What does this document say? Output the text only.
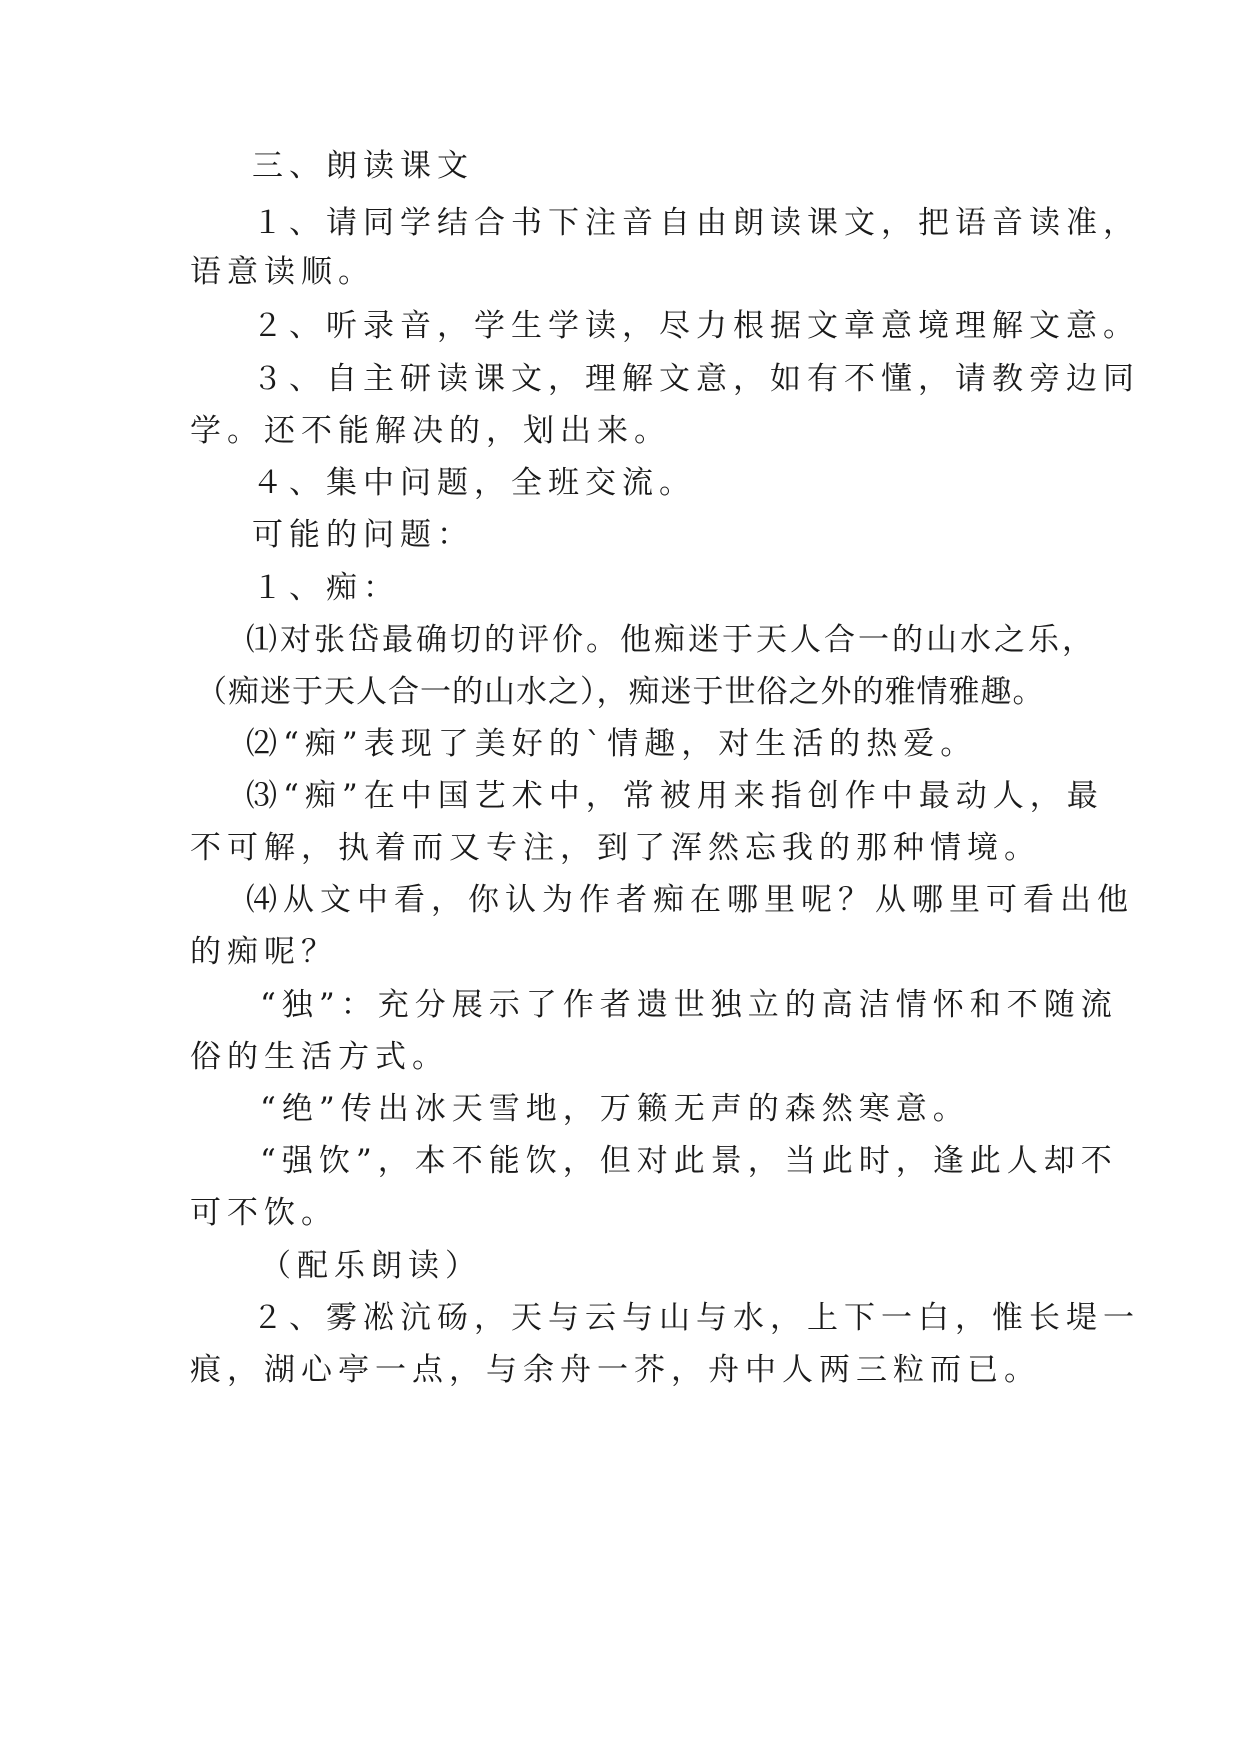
三、朗读课文
１、请同学结合书下注音自由朗读课文，把语音读准，
语意读顺。
２、听录音，学生学读，尽力根据文章意境理解文意。
３、自主研读课文，理解文意，如有不懂，请教旁边同
学。还不能解决的，划出来。
４、集中问题，全班交流。
可能的问题：
１、痴：
⑴对张岱最确切的评价。他痴迷于天人合一的山水之乐，
（痴迷于天人合一的山水之），痴迷于世俗之外的雅情雅趣。
⑵“痴”表现了美好的`情趣，对生活的热爱。
⑶“痴”在中国艺术中，常被用来指创作中最动人，最
不可解，执着而又专注，到了浑然忘我的那种情境。
⑷从文中看，你认为作者痴在哪里呢？从哪里可看出他
的痴呢？
“独”：充分展示了作者遗世独立的高洁情怀和不随流
俗的生活方式。
“绝”传出冰天雪地，万籁无声的森然寒意。
“强饮”，本不能饮，但对此景，当此时，逢此人却不
可不饮。
（配乐朗读）
２、雾凇沆砀，天与云与山与水，上下一白，惟长堤一
痕，湖心亭一点，与余舟一芥，舟中人两三粒而已。
